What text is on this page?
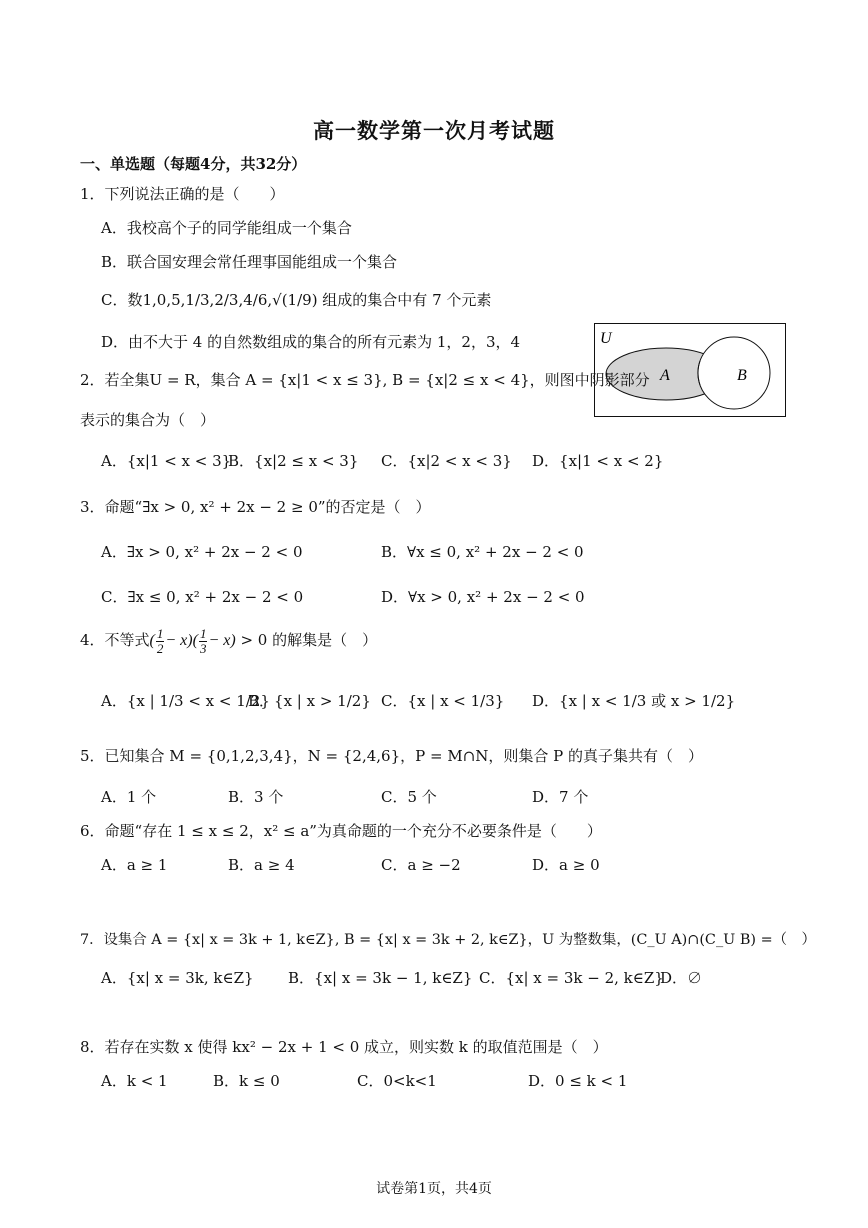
高一数学第一次月考试题
一、单选题（每题4分，共32分）
1．下列说法正确的是（　　）
A．我校高个子的同学能组成一个集合
B．联合国安理会常任理事国能组成一个集合
C．数1,0,5,1/3,2/3,4/6,√(1/9) 组成的集合中有 7 个元素
D．由不大于 4 的自然数组成的集合的所有元素为 1，2，3，4	U
A	B
2．若全集U = R，集合 A = {x|1 < x ≤ 3}, B = {x|2 ≤ x < 4}，则图中阴影部分
表示的集合为（　）
A．{x|1 < x < 3}
B．{x|2 ≤ x < 3} C．{x|2 < x < 3} D．{x|1 < x < 2}
3．命题“∃x > 0, x² + 2x − 2 ≥ 0”的否定是（　）
A．∃x > 0, x² + 2x − 2 < 0	B．∀x ≤ 0, x² + 2x − 2 < 0
C．∃x ≤ 0, x² + 2x − 2 < 0	D．∀x > 0, x² + 2x − 2 < 0
4．不等式( $\frac{1}{2} - x)( \frac{1}{3} - x) > 0$ 的解集是（　）
A．{x | 1/3 < x < 1/2}
B．{x | x > 1/2} C．{x | x < 1/3} D．{x | x < 1/3 或 x > 1/2}
5．已知集合 M = {0,1,2,3,4}，N = {2,4,6}，P = M∩N，则集合 P 的真子集共有（　）
A．1 个	B．3 个	C．5 个	D．7 个
6．命题“存在 1 ≤ x ≤ 2，x² ≤ a”为真命题的一个充分不必要条件是（　　）
A．a ≥ 1	B．a ≥ 4	C．a ≥ −2	D．a ≥ 0
7．设集合 A = {x| x = 3k + 1, k∈Z}, B = {x| x = 3k + 2, k∈Z}，U 为整数集，(C_U A)∩(C_U B) =（　）
A．{x| x = 3k, k∈Z} B．{x| x = 3k − 1, k∈Z} C．{x| x = 3k − 2, k∈Z}
D．∅
8．若存在实数 x 使得 kx² − 2x + 1 < 0 成立，则实数 k 的取值范围是（　）
A．k < 1	B．k ≤ 0	C．0<k<1	D．0 ≤ k < 1
试卷第1页，共4页
